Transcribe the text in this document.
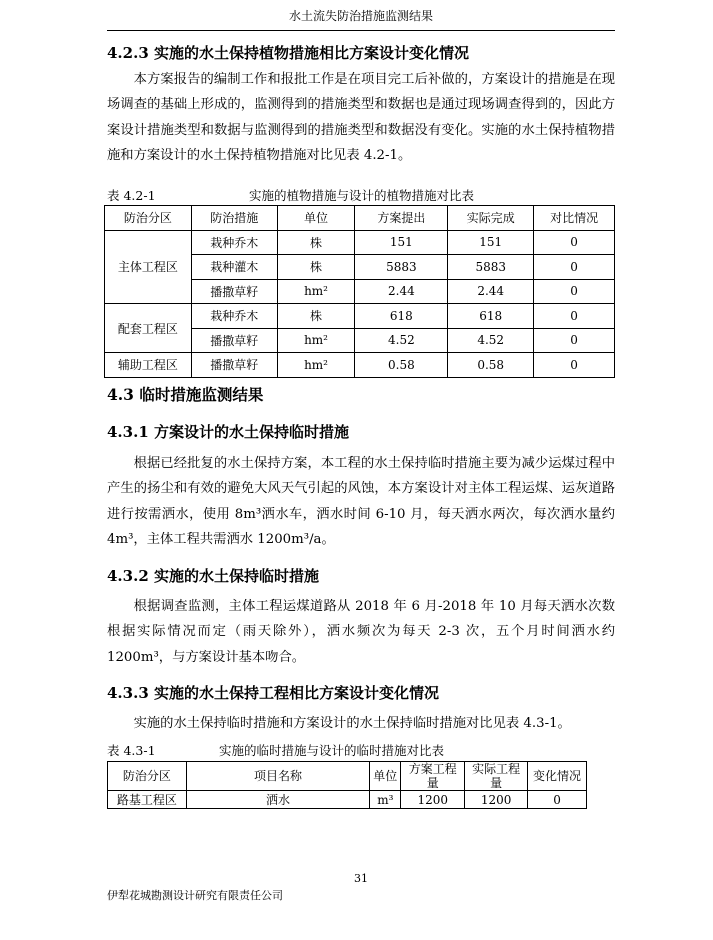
水土流失防治措施监测结果
4.2.3 实施的水土保持植物措施相比方案设计变化情况

本方案报告的编制工作和报批工作是在项目完工后补做的，方案设计的措施是在现场调查的基础上形成的，监测得到的措施类型和数据也是通过现场调查得到的，因此方案设计措施类型和数据与监测得到的措施类型和数据没有变化。实施的水土保持植物措施和方案设计的水土保持植物措施对比见表 4.2-1。

表 4.2-1	实施的植物措施与设计的植物措施对比表
防治分区	防治措施	单位	方案提出	实际完成	对比情况
主体工程区	栽种乔木	株	151	151	0
	栽种灌木	株	5883	5883	0
	播撒草籽	hm²	2.44	2.44	0
配套工程区	栽种乔木	株	618	618	0
	播撒草籽	hm²	4.52	4.52	0
辅助工程区	播撒草籽	hm²	0.58	0.58	0
4.3 临时措施监测结果
4.3.1 方案设计的水土保持临时措施

根据已经批复的水土保持方案，本工程的水土保持临时措施主要为减少运煤过程中产生的扬尘和有效的避免大风天气引起的风蚀，本方案设计对主体工程运煤、运灰道路进行按需洒水，使用 8m³洒水车，洒水时间 6-10 月，每天洒水两次，每次洒水量约 4m³，主体工程共需洒水 1200m³/a。

4.3.2 实施的水土保持临时措施

根据调查监测，主体工程运煤道路从 2018 年 6 月-2018 年 10 月每天洒水次数根据实际情况而定（雨天除外），洒水频次为每天 2-3 次，五个月时间洒水约 1200m³，与方案设计基本吻合。

4.3.3 实施的水土保持工程相比方案设计变化情况

实施的水土保持临时措施和方案设计的水土保持临时措施对比见表 4.3-1。

表 4.3-1	实施的临时措施与设计的临时措施对比表
防治分区	项目名称	单位	方案工程量	实际工程量	变化情况
路基工程区	洒水	m³	1200	1200	0
31
伊犁花城勘测设计研究有限责任公司
